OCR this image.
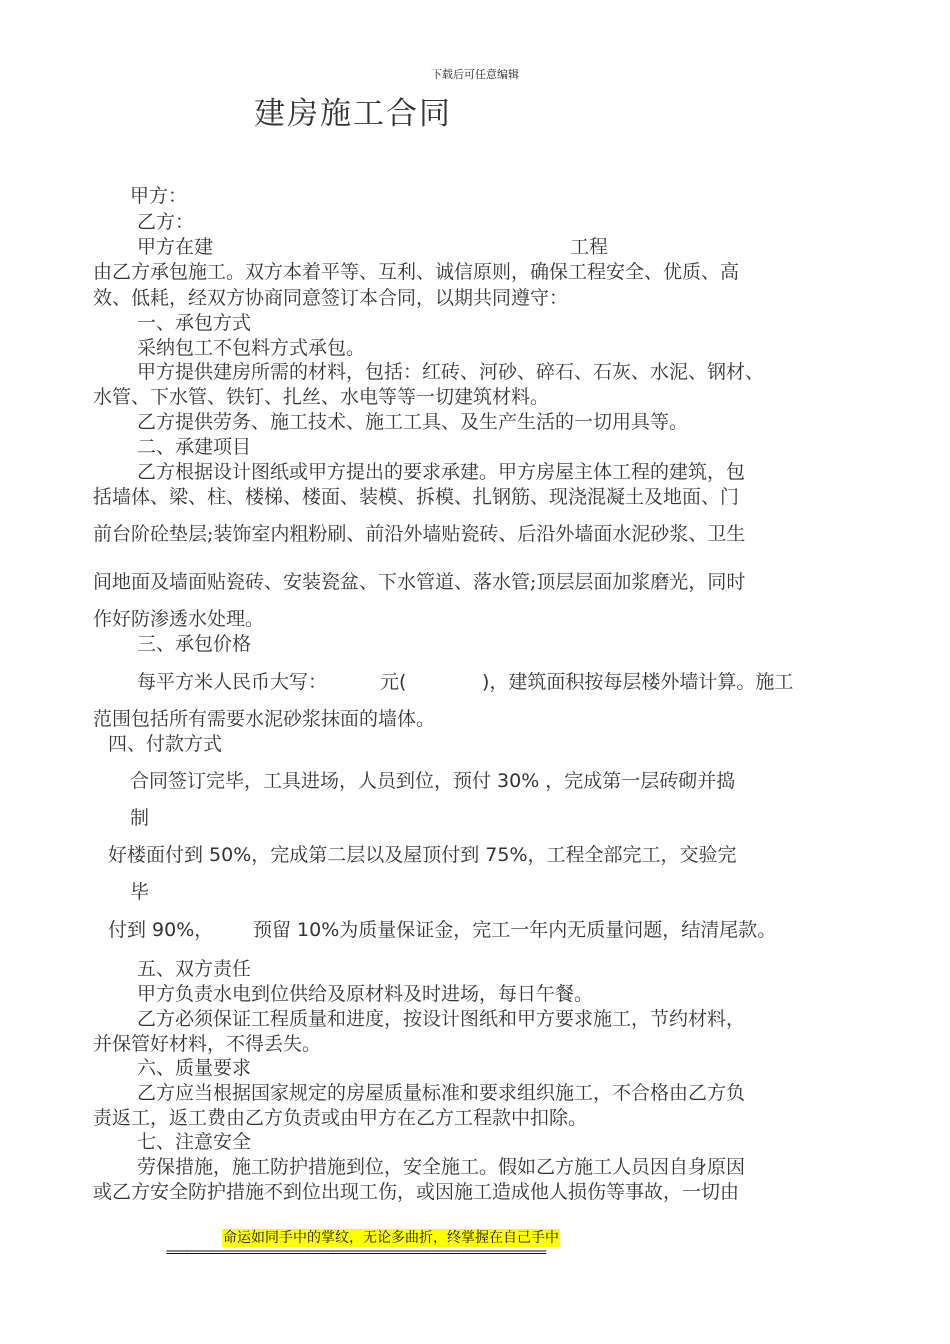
下载后可任意编辑
建房施工合同
甲方：
乙方：
甲方在建	工程
由乙方承包施工。双方本着平等、互利、诚信原则，确保工程安全、优质、高
效、低耗，经双方协商同意签订本合同，以期共同遵守：
一、承包方式
采纳包工不包料方式承包。
甲方提供建房所需的材料，包括：红砖、河砂、碎石、石灰、水泥、钢材、
水管、下水管、铁钉、扎丝、水电等等一切建筑材料。
乙方提供劳务、施工技术、施工工具、及生产生活的一切用具等。
二、承建项目
乙方根据设计图纸或甲方提出的要求承建。甲方房屋主体工程的建筑，包
括墙体、梁、柱、楼梯、楼面、装模、拆模、扎钢筋、现浇混凝土及地面、门
前台阶砼垫层;装饰室内粗粉刷、前沿外墙贴瓷砖、后沿外墙面水泥砂浆、卫生
间地面及墙面贴瓷砖、安装瓷盆、下水管道、落水管;顶层层面加浆磨光，同时
作好防渗透水处理。
三、承包价格
每平方米人民币大写：	元(	)，建筑面积按每层楼外墙计算。施工
范围包括所有需要水泥砂浆抹面的墙体。
四、付款方式
合同签订完毕，工具进场，人员到位，预付 30% ，完成第一层砖砌并捣
制
好楼面付到 50%，完成第二层以及屋顶付到 75%，工程全部完工，交验完
毕
付到 90%， 预留 10%为质量保证金，完工一年内无质量问题，结清尾款。
五、双方责任
甲方负责水电到位供给及原材料及时进场，每日午餐。
乙方必须保证工程质量和进度，按设计图纸和甲方要求施工，节约材料，
并保管好材料，不得丢失。
六、质量要求
乙方应当根据国家规定的房屋质量标准和要求组织施工，不合格由乙方负
责返工，返工费由乙方负责或由甲方在乙方工程款中扣除。
七、注意安全
劳保措施，施工防护措施到位，安全施工。假如乙方施工人员因自身原因
或乙方安全防护措施不到位出现工伤，或因施工造成他人损伤等事故，一切由
命运如同手中的掌纹，无论多曲折，终掌握在自己手中
===============================================================
